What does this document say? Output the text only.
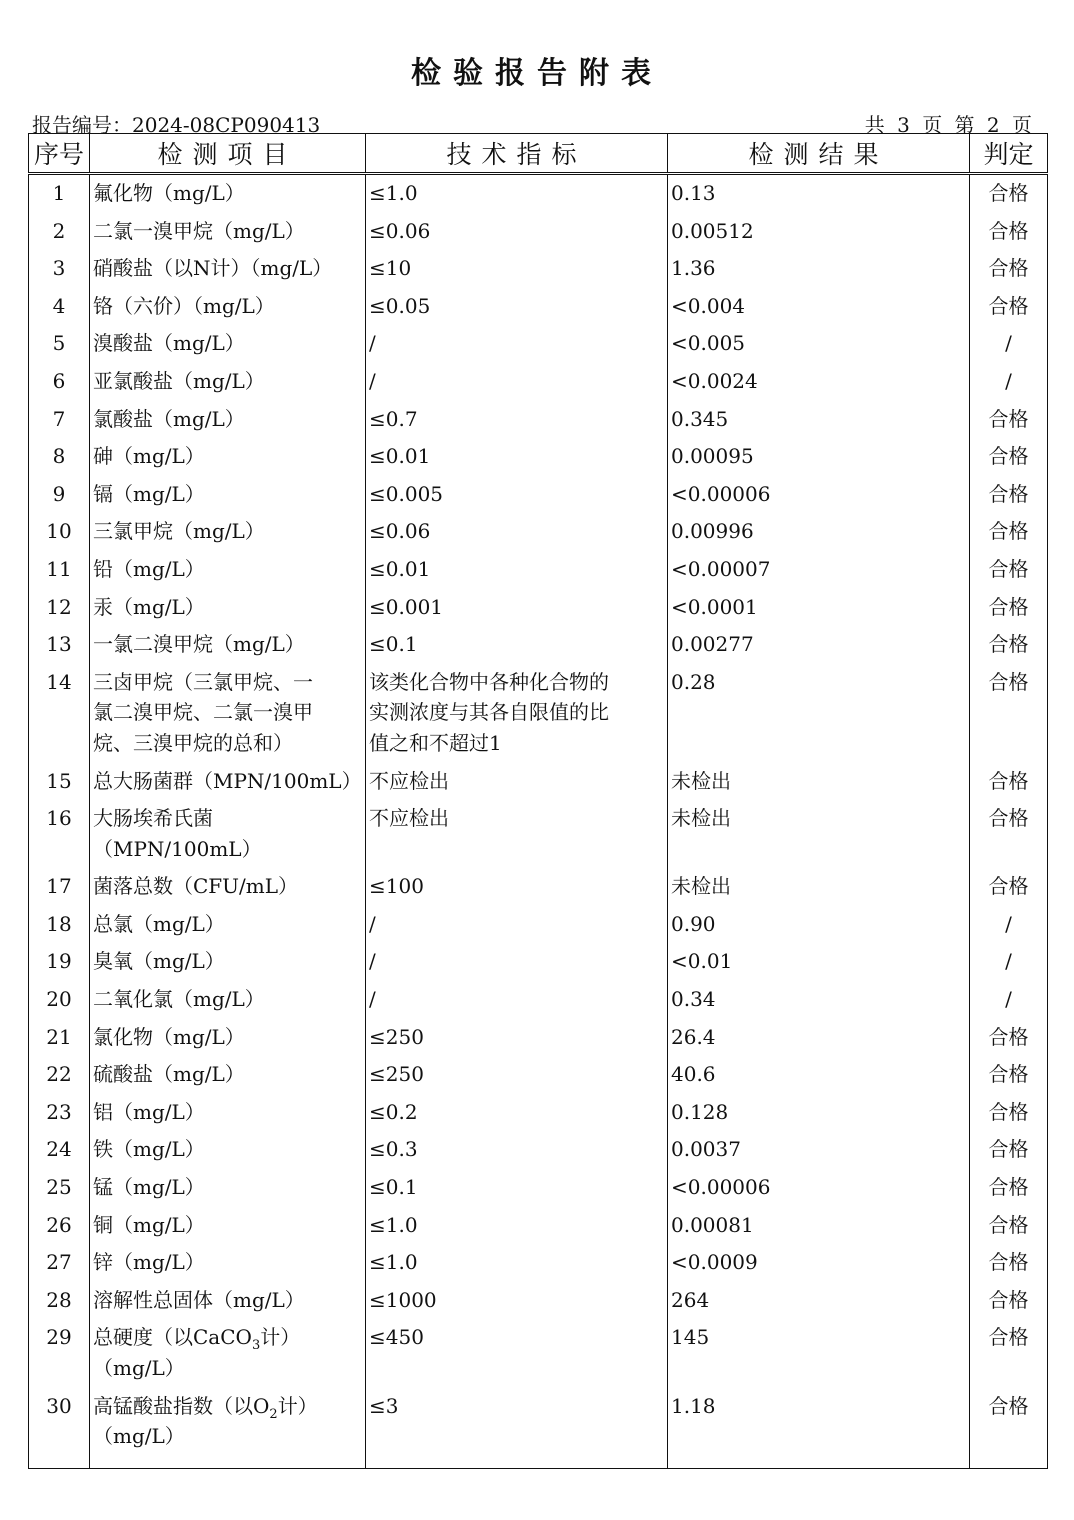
检验报告附表
报告编号：2024-08CP090413	共 3 页 第 2 页
序号	检测项目	技术指标	检测结果	判定
1	氟化物（mg/L）	≤1.0	0.13	合格
2	二氯一溴甲烷（mg/L）	≤0.06	0.00512	合格
3	硝酸盐（以N计）（mg/L）	≤10	1.36	合格
4	铬（六价）（mg/L）	≤0.05	<0.004	合格
5	溴酸盐（mg/L）	/	<0.005	/
6	亚氯酸盐（mg/L）	/	<0.0024	/
7	氯酸盐（mg/L）	≤0.7	0.345	合格
8	砷（mg/L）	≤0.01	0.00095	合格
9	镉（mg/L）	≤0.005	<0.00006	合格
10	三氯甲烷（mg/L）	≤0.06	0.00996	合格
11	铅（mg/L）	≤0.01	<0.00007	合格
12	汞（mg/L）	≤0.001	<0.0001	合格
13	一氯二溴甲烷（mg/L）	≤0.1	0.00277	合格
14	三卤甲烷（三氯甲烷、一
氯二溴甲烷、二氯一溴甲
烷、三溴甲烷的总和）	该类化合物中各种化合物的
实测浓度与其各自限值的比
值之和不超过1	0.28	合格
15	总大肠菌群（MPN/100mL）	不应检出	未检出	合格
16	大肠埃希氏菌
（MPN/100mL）	不应检出	未检出	合格
17	菌落总数（CFU/mL）	≤100	未检出	合格
18	总氯（mg/L）	/	0.90	/
19	臭氧（mg/L）	/	<0.01	/
20	二氧化氯（mg/L）	/	0.34	/
21	氯化物（mg/L）	≤250	26.4	合格
22	硫酸盐（mg/L）	≤250	40.6	合格
23	铝（mg/L）	≤0.2	0.128	合格
24	铁（mg/L）	≤0.3	0.0037	合格
25	锰（mg/L）	≤0.1	<0.00006	合格
26	铜（mg/L）	≤1.0	0.00081	合格
27	锌（mg/L）	≤1.0	<0.0009	合格
28	溶解性总固体（mg/L）	≤1000	264	合格
29	总硬度（以CaCO$_3$计）
（mg/L）	≤450	145	合格
30	高锰酸盐指数（以$O_2$计）
（mg/L）	≤3	1.18	合格
